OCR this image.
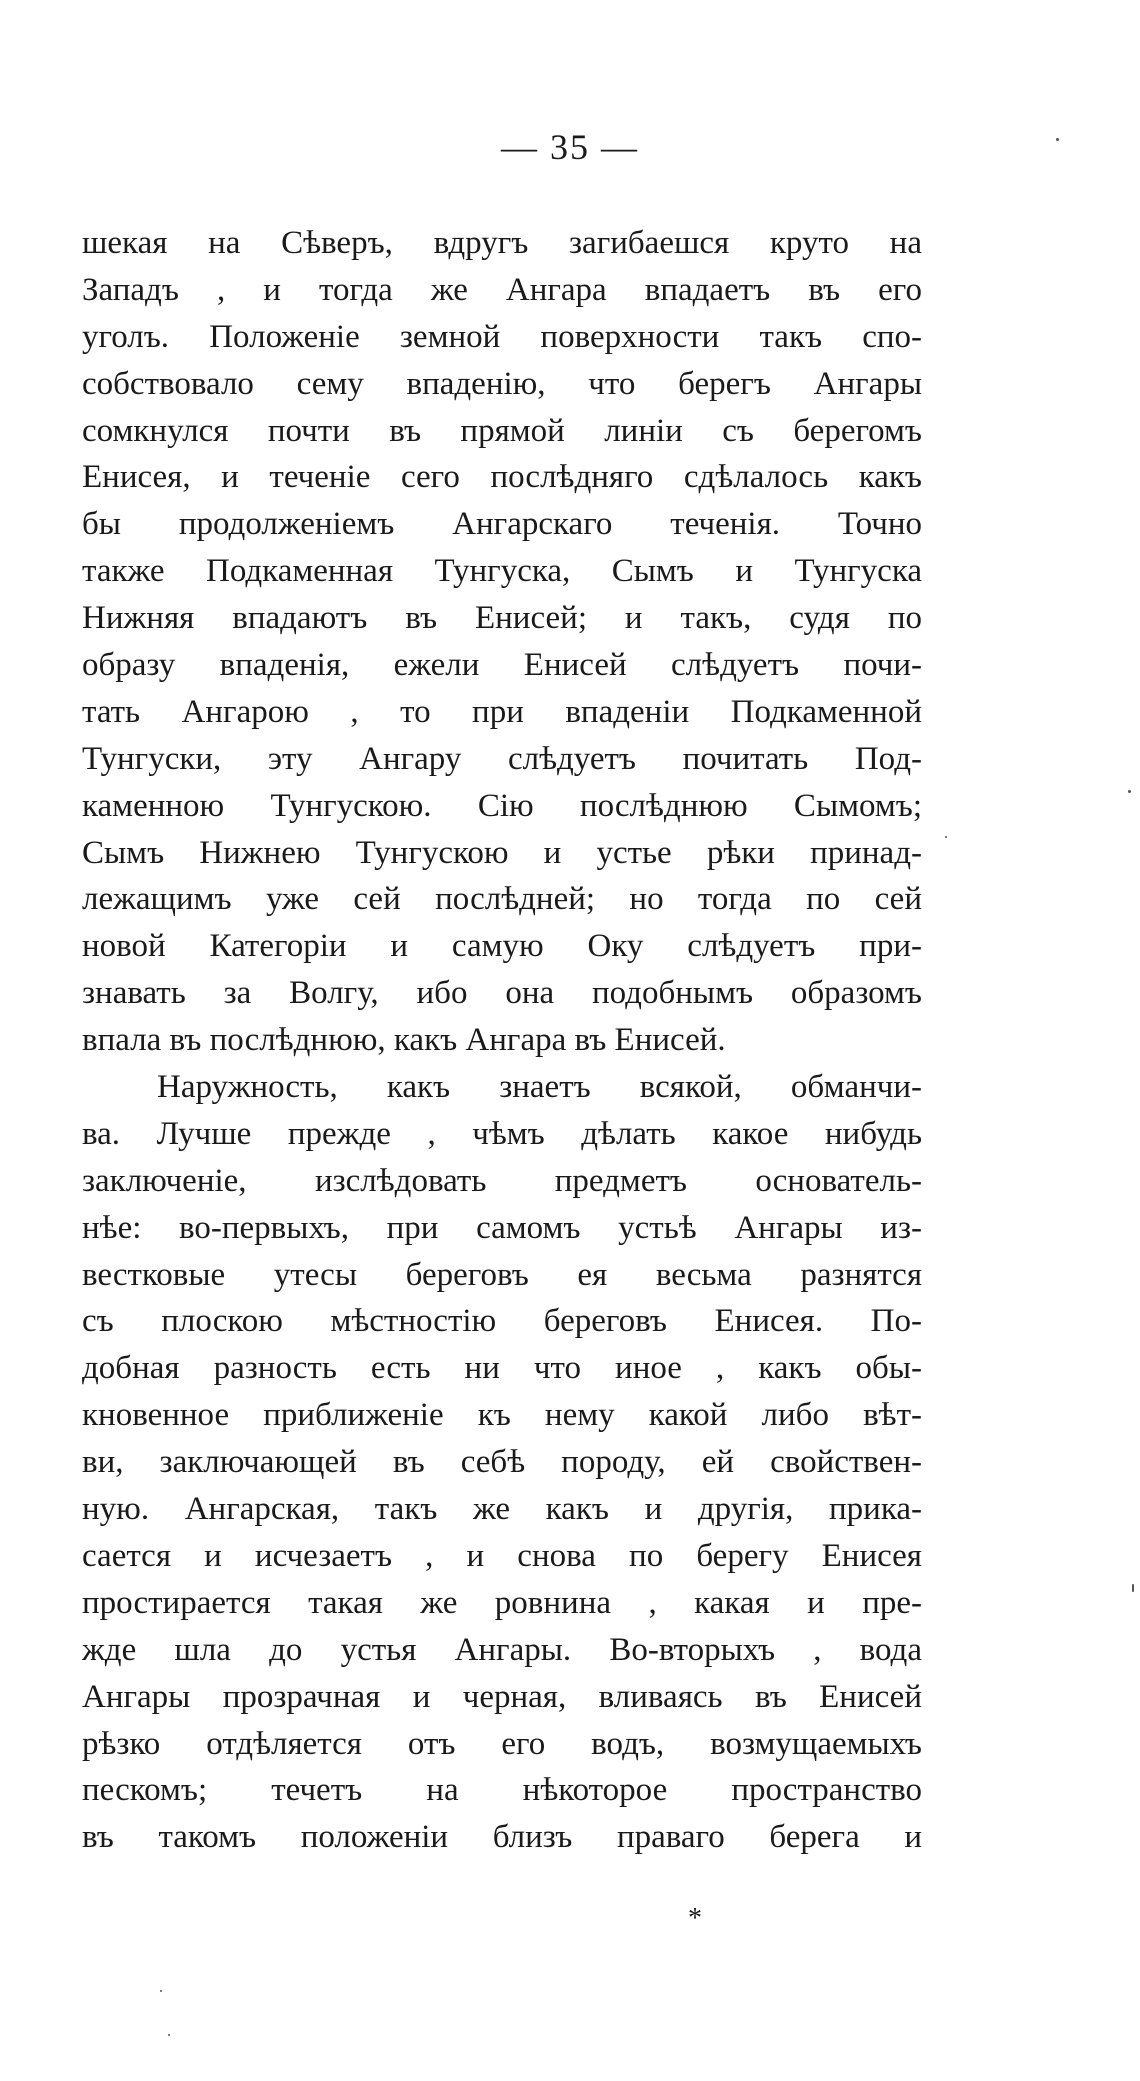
— 35 —
шекая на Сѣверъ, вдругъ загибаешся круто на
Западъ , и тогда же Ангара впадаетъ въ его
уголъ. Положенiе земной поверхности такъ спо-
собствовало сему впаденiю, что берегъ Ангары
сомкнулся почти въ прямой линiи съ берегомъ
Енисея, и теченiе сего послѣдняго сдѣлалось какъ
бы продолженiемъ Ангарскаго теченiя. Точно
также Подкаменная Тунгуска, Сымъ и Тунгуска
Нижняя впадаютъ въ Енисей; и такъ, судя по
образу впаденiя, ежели Енисей слѣдуетъ почи-
тать Ангарою , то при впаденiи Подкаменной
Тунгуски, эту Ангару слѣдуетъ почитать Под-
каменною Тунгускою. Сiю послѣднюю Сымомъ;
Сымъ Нижнею Тунгускою и устье рѣки принад-
лежащимъ уже сей послѣдней; но тогда по сей
новой Категорiи и самую Оку слѣдуетъ при-
знавать за Волгу, ибо она подобнымъ образомъ
впала въ послѣднюю, какъ Ангара въ Енисей.
Наружность, какъ знаетъ всякой, обманчи-
ва. Лучше прежде , чѣмъ дѣлать какое нибудь
заключенiе, изслѣдовать предметъ основатель-
нѣе: во-первыхъ, при самомъ устьѣ Ангары из-
вестковые утесы береговъ ея весьма разнятся
съ плоскою мѣстностiю береговъ Енисея. По-
добная разность есть ни что иное , какъ обы-
кновенное приближенiе къ нему какой либо вѣт-
ви, заключающей въ себѣ породу, ей свойствен-
ную. Ангарская, такъ же какъ и другiя, прика-
сается и исчезаетъ , и снова по берегу Енисея
простирается такая же ровнина , какая и пре-
жде шла до устья Ангары. Во-вторыхъ , вода
Ангары прозрачная и черная, вливаясь въ Енисей
рѣзко отдѣляется отъ его водъ, возмущаемыхъ
пескомъ; течетъ на нѣкоторое пространство
въ такомъ положенiи близъ праваго берега и
*
